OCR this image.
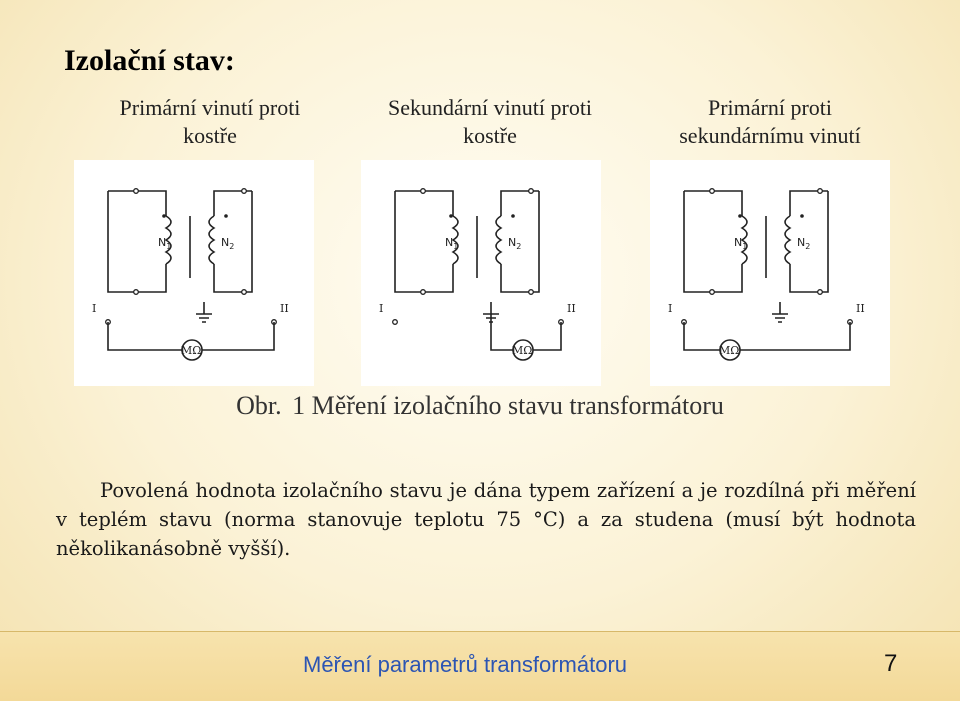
Izolační stav:
Primární vinutí proti
kostře
Sekundární vinutí proti
kostře
Primární proti
sekundárnímu vinutí
$N_1$	$N_2$
I	II
MΩ
$N_1$	$N_2$
I	II
MΩ
$N_1$	$N_2$
I	II
MΩ
Obr. 1 Měření izolačního stavu transformátoru

Povolená hodnota izolačního stavu je dána typem zařízení a je rozdílná při měření v teplém stavu (norma stanovuje teplotu 75 °C) a za studena (musí být hodnota několikanásobně vyšší).

Měření parametrů transformátoru	7
